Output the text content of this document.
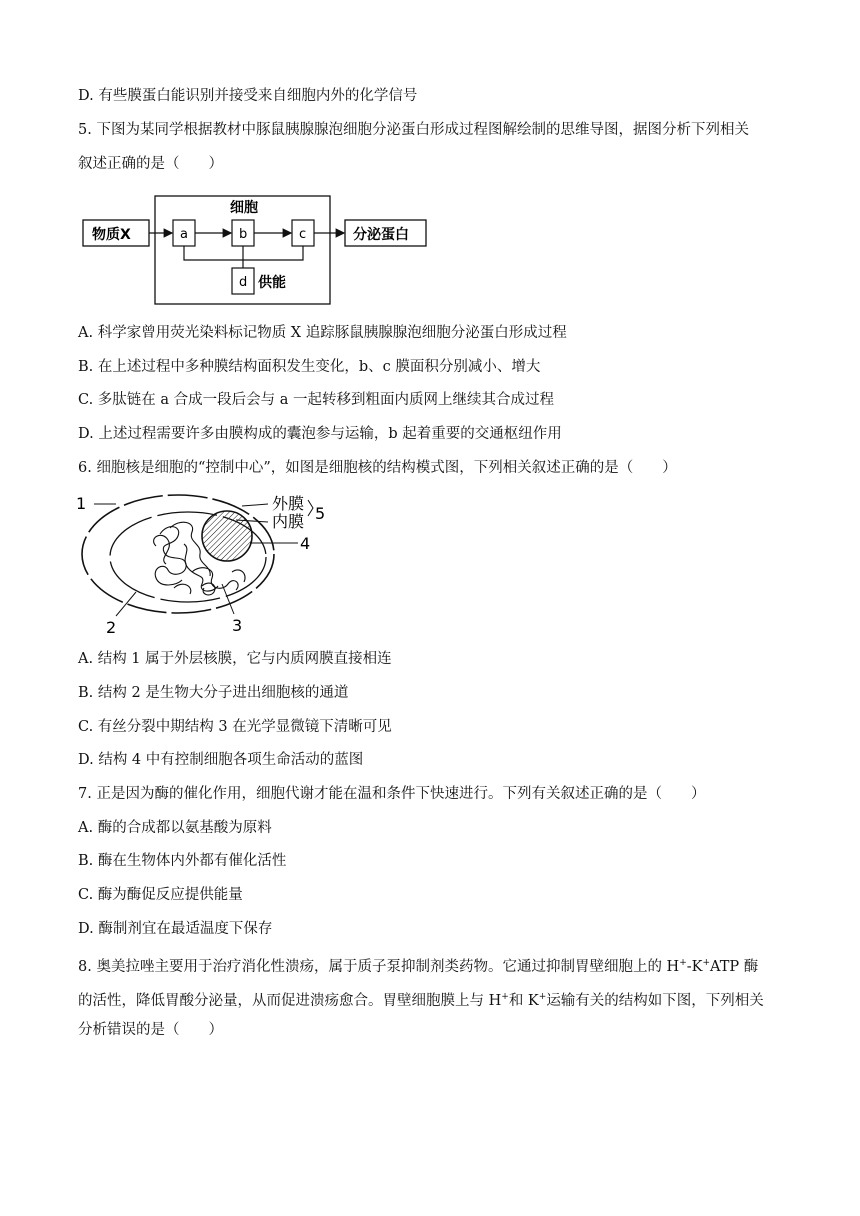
D. 有些膜蛋白能识别并接受来自细胞内外的化学信号
5. 下图为某同学根据教材中豚鼠胰腺腺泡细胞分泌蛋白形成过程图解绘制的思维导图，据图分析下列相关
叙述正确的是（　　）
细胞
物质X	a	b	c	分泌蛋白
d 供能
A. 科学家曾用荧光染料标记物质 X 追踪豚鼠胰腺腺泡细胞分泌蛋白形成过程
B. 在上述过程中多种膜结构面积发生变化，b、c 膜面积分别减小、增大
C. 多肽链在 a 合成一段后会与 a 一起转移到粗面内质网上继续其合成过程
D. 上述过程需要许多由膜构成的囊泡参与运输，b 起着重要的交通枢纽作用
6. 细胞核是细胞的“控制中心”，如图是细胞核的结构模式图，下列相关叙述正确的是（　　）
1	外膜
内膜 5
4
2	3
A. 结构 1 属于外层核膜，它与内质网膜直接相连
B. 结构 2 是生物大分子进出细胞核的通道
C. 有丝分裂中期结构 3 在光学显微镜下清晰可见
D. 结构 4 中有控制细胞各项生命活动的蓝图
7. 正是因为酶的催化作用，细胞代谢才能在温和条件下快速进行。下列有关叙述正确的是（　　）
A. 酶的合成都以氨基酸为原料
B. 酶在生物体内外都有催化活性
C. 酶为酶促反应提供能量
D. 酶制剂宜在最适温度下保存
8. 奥美拉唑主要用于治疗消化性溃疡，属于质子泵抑制剂类药物。它通过抑制胃壁细胞上的 H+-K+ATP 酶
的活性，降低胃酸分泌量，从而促进溃疡愈合。胃壁细胞膜上与 H+和 K+运输有关的结构如下图，下列相关
分析错误的是（　　）
